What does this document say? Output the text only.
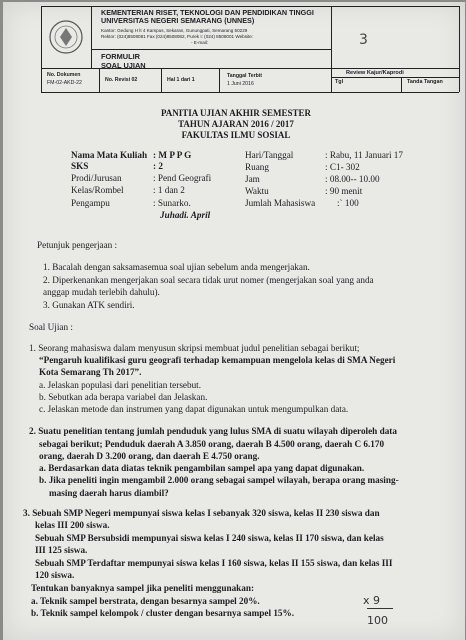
KEMENTERIAN RISET, TEKNOLOGI DAN PENDIDIKAN TINGGI
UNIVERSITAS NEGERI SEMARANG (UNNES)
Kantor: Gedung H lt 4 Kampus, Sekaran, Gunungpati, Semarang 50229
Rektor: (024)8508081 Fax (024)8508082, Purek I: (024) 8508001 Website:
- E-mail:
FORMULIR
SOAL UJIAN
No. Dokumen
FM-02-AKD-22	No. Revisi 02	Hal 1 dari 1
Tanggal Terbit
1 Juni 2016
Review Kajur/Kaprodi
Tgl	Tanda Tangan
3
PANITIA UJIAN AKHIR SEMESTER
TAHUN AJARAN 2016 / 2017
FAKULTAS ILMU SOSIAL
Nama Mata Kuliah : M P P G
SKS	: 2
Prodi/Jurusan	: Pend Geografi
Kelas/Rombel	: 1 dan 2
Pengampu	: Sunarko.
Juhadi. April
Hari/Tanggal	: Rabu, 11 Januari 17
Ruang	: C1- 302
Jam	: 08.00-- 10.00
Waktu	: 90 menit
Jumlah Mahasiswa :` 100
Petunjuk pengerjaan :
1. Bacalah dengan saksamasemua soal ujian sebelum anda mengerjakan.
2. Diperkenankan mengerjakan soal secara tidak urut nomer (mengerjakan soal yang anda
anggap mudah terlebih dahulu).
3. Gunakan ATK sendiri.
Soal Ujian :
1. Seorang mahasiswa dalam menyusun skripsi membuat judul penelitian sebagai berikut;
“Pengaruh kualifikasi guru geografi terhadap kemampuan mengelola kelas di SMA Negeri
Kota Semarang Th 2017”.
a. Jelaskan populasi dari penelitian tersebut.
b. Sebutkan ada berapa variabel dan Jelaskan.
c. Jelaskan metode dan instrumen yang dapat digunakan untuk mengumpulkan data.
2. Suatu penelitian tentang jumlah penduduk yang lulus SMA di suatu wilayah diperoleh data
sebagai berikut; Penduduk daerah A 3.850 orang, daerah B 4.500 orang, daerah C 6.170
orang, daerah D 3.200 orang, dan daerah E 4.750 orang.
a. Berdasarkan data diatas teknik pengambilan sampel apa yang dapat digunakan.
b. Jika peneliti ingin mengambil 2.000 orang sebagai sampel wilayah, berapa orang masing-
masing daerah harus diambil?
3. Sebuah SMP Negeri mempunyai siswa kelas I sebanyak 320 siswa, kelas II 230 siswa dan
kelas III 200 siswa.
Sebuah SMP Bersubsidi mempunyai siswa kelas I 240 siswa, kelas II 170 siswa, dan kelas
III 125 siswa.
Sebuah SMP Terdaftar mempunyai siswa kelas I 160 siswa, kelas II 155 siswa, dan kelas III
120 siswa.
Tentukan banyaknya sampel jika peneliti menggunakan:
a. Teknik sampel berstrata, dengan besarnya sampel 20%.
b. Teknik sampel kelompok / cluster dengan besarnya sampel 15%.
x 9
100
